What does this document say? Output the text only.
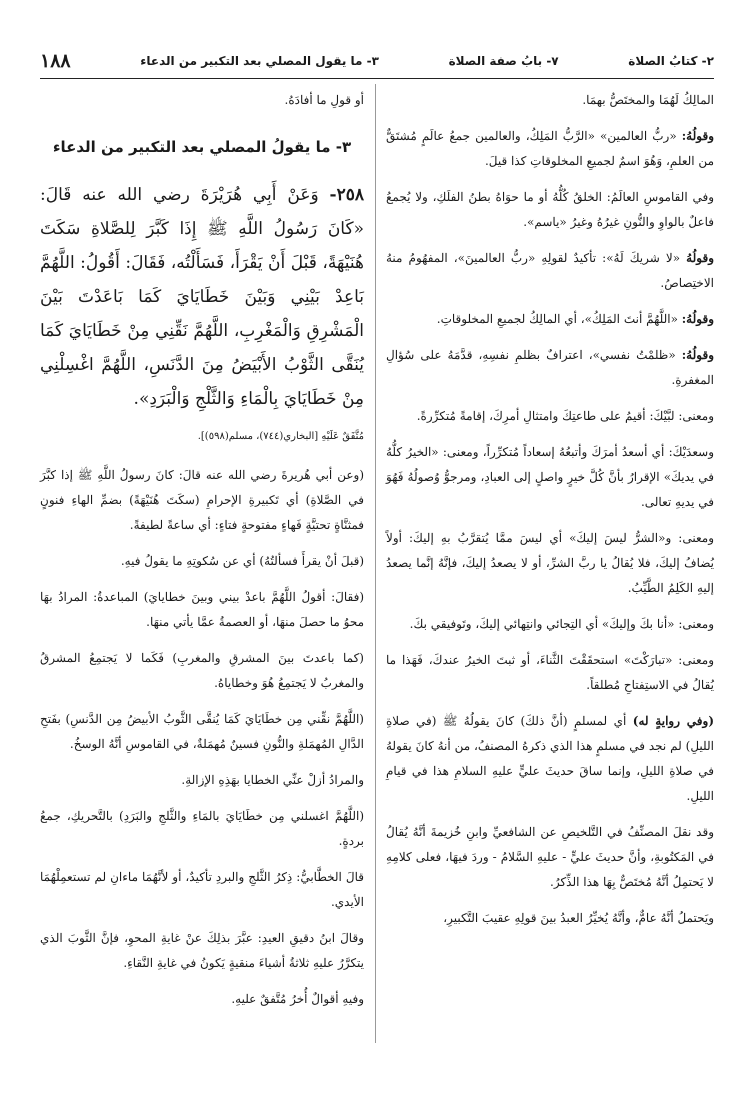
٢- كتابُ الصلاة
٧- بابُ صفة الصلاة
٣- ما يقول المصلي بعد التكبير من الدعاء
١٨٨

المالِكُ لَهُمَا والمختَصُّ بهمَا.

وقولُهُ: «ربُّ العالمين» «الرَّبُّ المَلِكُ، والعالمين جمعُ عالَمٍ مُشتَقٌّ من العلمِ، وَهُوَ اسمٌ لجميعِ المخلوقاتِ كذا قيلَ.

وفي القاموسِ العالَمُ: الخلقُ كُلُّهُ أو ما حوَاهُ بطنُ الفلَكِ، ولا يُجمعُ فاعلٌ بالواوِ والنُّونِ غيرُهُ وغيرُ «ياسم».

وقولُهُ «لا شريكَ لَهُ»: تأكيدٌ لقولِهِ «ربُّ العالمينَ»، المفهُومُ منهُ الاختِصاصُ.

وقولُهُ: «اللَّهُمَّ أنتَ المَلِكُ»، أي المالِكُ لجميعِ المخلوقاتِ.

وقولُهُ: «ظلمْتُ نفسي»، اعترافٌ بظلمِ نفسِهِ، قدَّمَهُ على سُؤالِ المغفرةِ.

ومعنى: لبَّيْكَ: أقيمُ على طاعتِكَ وامتثالِ أمرِكَ، إقامةً مُتكرِّرةً.

وسعدَيْكَ: أي أسعدُ أمرَكَ وأتبعُهُ إسعاداً مُتكرِّراً، ومعنى: «الخيرُ كلُّهُ في يديكَ» الإقرارُ بأنَّ كُلَّ خيرٍ واصلٍ إلى العبادِ، ومرجوُّ وُصولُهُ فَهُوَ في يديهِ تعالى.

ومعنى: و«الشرُّ ليسَ إليكَ» أي ليسَ ممَّا يُتقرَّبُ بهِ إليكَ: أولاً يُضافُ إليكَ، فلا يُقالُ يا ربَّ الشرِّ، أو لا يصعدُ إليكَ، فإنَّهُ إنَّما يصعدُ إليهِ الكَلِمُ الطَّيِّبُ.

ومعنى: «أنا بكَ وإليكَ» أي التِجائي وانتِهائي إليكَ، وتَوفيقي بكَ.

ومعنى: «تبارَكْتَ» استحقَقْتَ الثَّناءَ، أو ثبتَ الخيرُ عندكَ، فَهَذا ما يُقالُ في الاستِفتاحِ مُطلقاً.

(وفي روايةٍ له) أي لمسلمٍ (أنَّ ذلكَ) كانَ يقولُهُ ﷺ (في صلاةِ الليلِ) لم نجد في مسلمٍ هذا الذي ذكرهُ المصنفُ، من أنهُ كانَ يقولهُ في صلاةِ الليلِ، وإنما ساقَ حديثَ عليٍّ عليهِ السلامِ هذا في قيامِ الليلِ.

وقد نقلَ المصنِّفُ في التَّلخيصِ عن الشافعيِّ وابنِ خُزيمةَ أنَّهُ يُقالُ في المَكتُوبةِ، وأنَّ حديثَ عليٍّ - عليهِ السَّلامُ - وردَ فيهَا، فعلى كلامِهِ لا يَحتمِلُ أنَّهُ مُختَصٌّ بِهَا هذا الذِّكرُ.

ويَحتملُ أنَّهُ عامٌّ، وأنَّهُ يُخيِّرُ العبدُ بينَ قولِهِ عقيبَ التَّكبيرِ،

أو قولِ ما أفادَهُ.

٣- ما يقولُ المصلي بعد التكبير من الدعاء
٢٥٨- وَعَنْ أَبِي هُرَيْرَةَ رضي الله عنه قَالَ: «كَانَ رَسُولُ اللَّهِ ﷺ إِذَا كَبَّرَ لِلصَّلاةِ سَكَتَ هُنَيْهَةً، قَبْلَ أَنْ يَقْرَأَ، فَسَأَلْتُه، فَقَالَ: أَقُولُ: اللَّهُمَّ بَاعِدْ بَيْنِي وَبَيْنَ خَطَايَايَ كَمَا بَاعَدْتَ بَيْنَ الْمَشْرِقِ وَالْمَغْرِبِ، اللَّهُمَّ نَقِّنِي مِنْ خَطَايَايَ كَمَا يُنَقَّى الثَّوْبُ الأَبْيَضُ مِنَ الدَّنَسِ، اللَّهُمَّ اغْسِلْنِي مِنْ خَطَايَايَ بِالْمَاءِ وَالثَّلْجِ وَالْبَرَدِ».
مُتَّفَقٌ عَلَيْهِ [البخاري(٧٤٤)، مسلم(٥٩٨)].

(وعن أبي هُريرةَ رضي الله عنه قالَ: كانَ رسولُ اللَّهِ ﷺ إذا كبَّرَ في الصَّلاةِ) أي تَكبيرةِ الإحرامِ (سكَتَ هُنَيْهَةً) بضمِّ الهاءِ فنونٍ فمثنَّاةٍ تحتيَّةٍ فَهاءٍ مفتوحةٍ فتاءٍ: أي ساعةً لطيفةً.

(قبلَ أنْ يقرأَ فسألتُهُ) أي عن سُكوتِهِ ما يقولُ فيهِ.

(فقالَ: أقولُ اللَّهُمَّ باعدْ بيني وبينَ خطايايَ) المباعدةُ: المرادُ بهَا محوُ ما حصلَ منهَا، أو العصمةُ عمَّا يأتي منهَا.

(كما باعدتَ بينَ المشرقِ والمغربِ) فَكَما لا يَجتمِعُ المشرقُ والمغربُ لا يَجتمِعُ هُوَ وخطاياهُ.

(اللَّهُمَّ نقِّني مِن خطَايَايَ كَمَا يُنقَّى الثَّوبُ الأبيضُ مِن الدَّنسِ) بفَتحِ الدَّالِ المُهمَلةِ والنُّونِ فسينٌ مُهمَلةٌ، في القاموسِ أنَّهُ الوسخُ.

والمرادُ أزلْ عنِّي الخطايا بهَذِهِ الإزالةِ.

(اللَّهُمَّ اغسلني مِن خطَايَايَ بالمَاءِ والثَّلجِ والبَرَدِ) بالتَّحريكِ، جمعُ بردةٍ.

قالَ الخطَّابيُّ: ذِكرُ الثَّلجِ والبردِ تأكيدٌ، أو لأنَّهُمَا ماءانِ لم تستعمِلْهُمَا الأيدي.

وقالَ ابنُ دقيقِ العيدِ: عبَّرَ بذلِكَ عنْ غايةِ المحوِ، فإنَّ الثَّوبَ الذي يتكرَّرُ عليهِ ثلاثةُ أشياءَ منقيةٍ يَكونُ في غايةِ النَّقاءِ.

وفيهِ أقوالٌ أُخرُ مُتَّفقٌ عليهِ.
